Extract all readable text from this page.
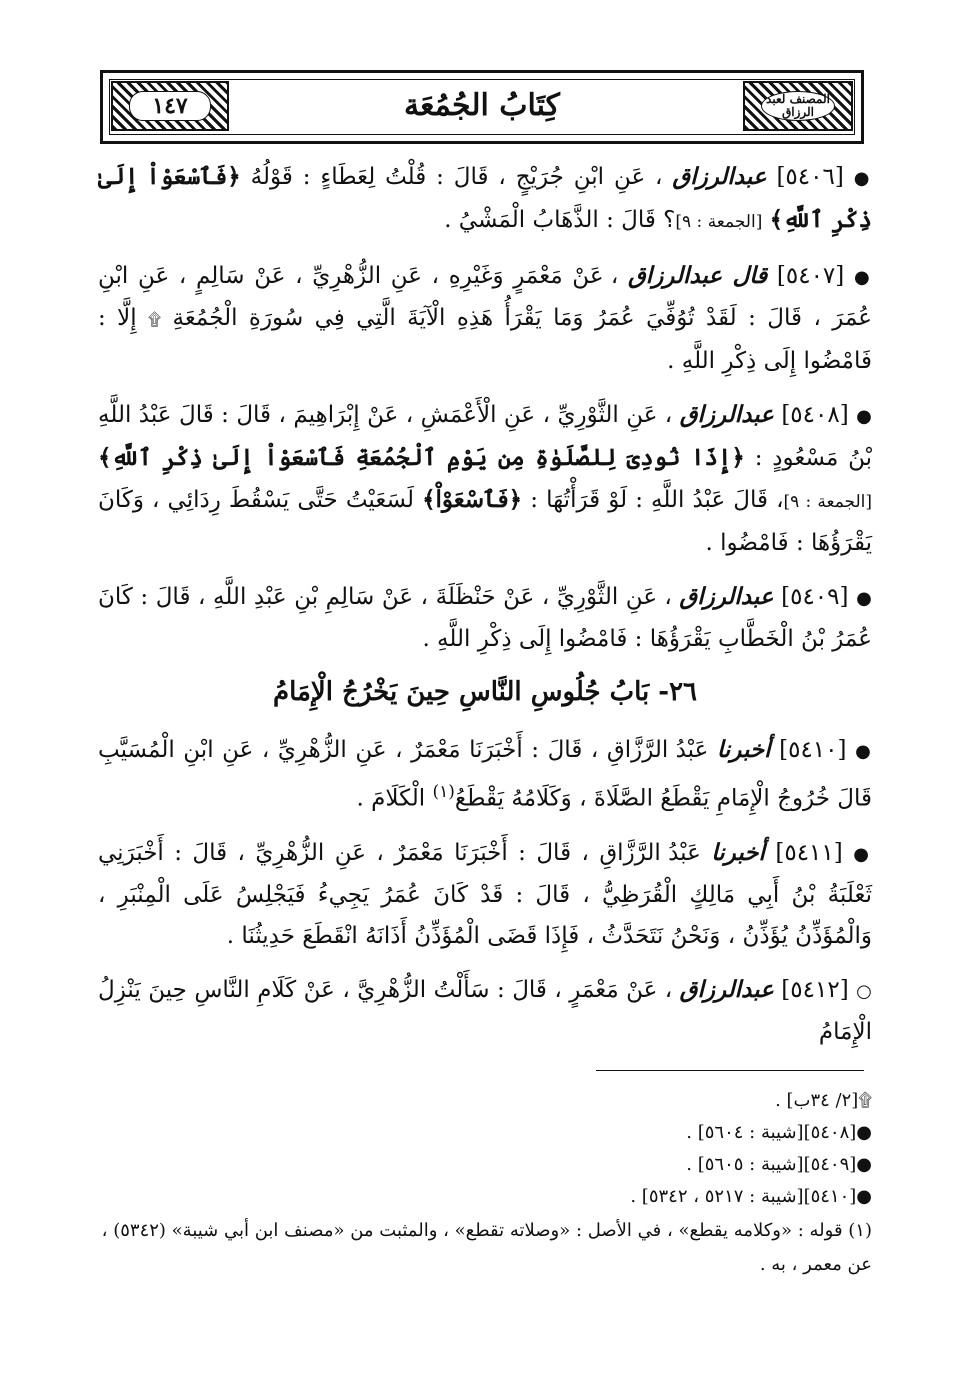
١٤٧	كِتَابُ الجُمُعَة	المصنف لعبد الرزاق

● [٥٤٠٦] عبدالرزاق ، عَنِ ابْنِ جُرَيْجٍ ، قَالَ : قُلْتُ لِعَطَاءٍ : قَوْلُهُ ﴿فَٱسْعَوْاْ إِلَىٰ ذِكْرِ ٱللَّهِ﴾ [الجمعة : ٩]؟ قَالَ : الذَّهَابُ الْمَشْيُ .

● [٥٤٠٧] قال عبدالرزاق ، عَنْ مَعْمَرٍ وَغَيْرِهِ ، عَنِ الزُّهْرِيِّ ، عَنْ سَالِمٍ ، عَنِ ابْنِ عُمَرَ ، قَالَ : لَقَدْ تُوُفِّيَ عُمَرُ وَمَا يَقْرَأُ هَذِهِ الْآيَةَ الَّتِي فِي سُورَةِ الْجُمُعَةِ ۩ إِلَّا : فَامْضُوا إِلَى ذِكْرِ اللَّهِ .

● [٥٤٠٨] عبدالرزاق ، عَنِ الثَّوْرِيِّ ، عَنِ الْأَعْمَشِ ، عَنْ إِبْرَاهِيمَ ، قَالَ : قَالَ عَبْدُ اللَّهِ بْنُ مَسْعُودٍ : ﴿إِذَا نُودِىَ لِلصَّلَوٰةِ مِن يَوْمِ ٱلْجُمُعَةِ فَٱسْعَوْاْ إِلَىٰ ذِكْرِ ٱللَّهِ﴾ [الجمعة : ٩]، قَالَ عَبْدُ اللَّهِ : لَوْ قَرَأْتُهَا : ﴿فَٱسْعَوْاْ﴾ لَسَعَيْتُ حَتَّى يَسْقُطَ رِدَائِي ، وَكَانَ يَقْرَؤُهَا : فَامْضُوا .

● [٥٤٠٩] عبدالرزاق ، عَنِ الثَّوْرِيِّ ، عَنْ حَنْظَلَةَ ، عَنْ سَالِمِ بْنِ عَبْدِ اللَّهِ ، قَالَ : كَانَ عُمَرُ بْنُ الْخَطَّابِ يَقْرَؤُهَا : فَامْضُوا إِلَى ذِكْرِ اللَّهِ .

٢٦- بَابُ جُلُوسِ النَّاسِ حِينَ يَخْرُجُ الْإِمَامُ

● [٥٤١٠] أخبرنا عَبْدُ الرَّزَّاقِ ، قَالَ : أَخْبَرَنَا مَعْمَرٌ ، عَنِ الزُّهْرِيِّ ، عَنِ ابْنِ الْمُسَيَّبِ قَالَ خُرُوجُ الْإِمَامِ يَقْطَعُ الصَّلَاةَ ، وَكَلَامُهُ يَقْطَعُ$^{(١)}$ الْكَلَامَ .

● [٥٤١١] أخبرنا عَبْدُ الرَّزَّاقِ ، قَالَ : أَخْبَرَنَا مَعْمَرٌ ، عَنِ الزُّهْرِيِّ ، قَالَ : أَخْبَرَنِي ثَعْلَبَةُ بْنُ أَبِي مَالِكٍ الْقُرَظِيُّ ، قَالَ : قَدْ كَانَ عُمَرُ يَجِيءُ فَيَجْلِسُ عَلَى الْمِنْبَرِ ، وَالْمُؤَذِّنُ يُؤَذِّنُ ، وَنَحْنُ نَتَحَدَّثُ ، فَإِذَا قَضَى الْمُؤَذِّنُ أَذَانَهُ انْقَطَعَ حَدِيثُنَا .

○ [٥٤١٢] عبدالرزاق ، عَنْ مَعْمَرٍ ، قَالَ : سَأَلْتُ الزُّهْرِيَّ ، عَنْ كَلَامِ النَّاسِ حِينَ يَنْزِلُ الْإِمَامُ

۩[٢/ ٣٤ب] .
●[٥٤٠٨][شيبة : ٥٦٠٤] .
●[٥٤٠٩][شيبة : ٥٦٠٥] .
●[٥٤١٠][شيبة : ٥٢١٧ ، ٥٣٤٢] .
(١) قوله : «وكلامه يقطع» ، في الأصل : «وصلاته تقطع» ، والمثبت من «مصنف ابن أبي شيبة» (٥٣٤٢) ، عن معمر ، به .
